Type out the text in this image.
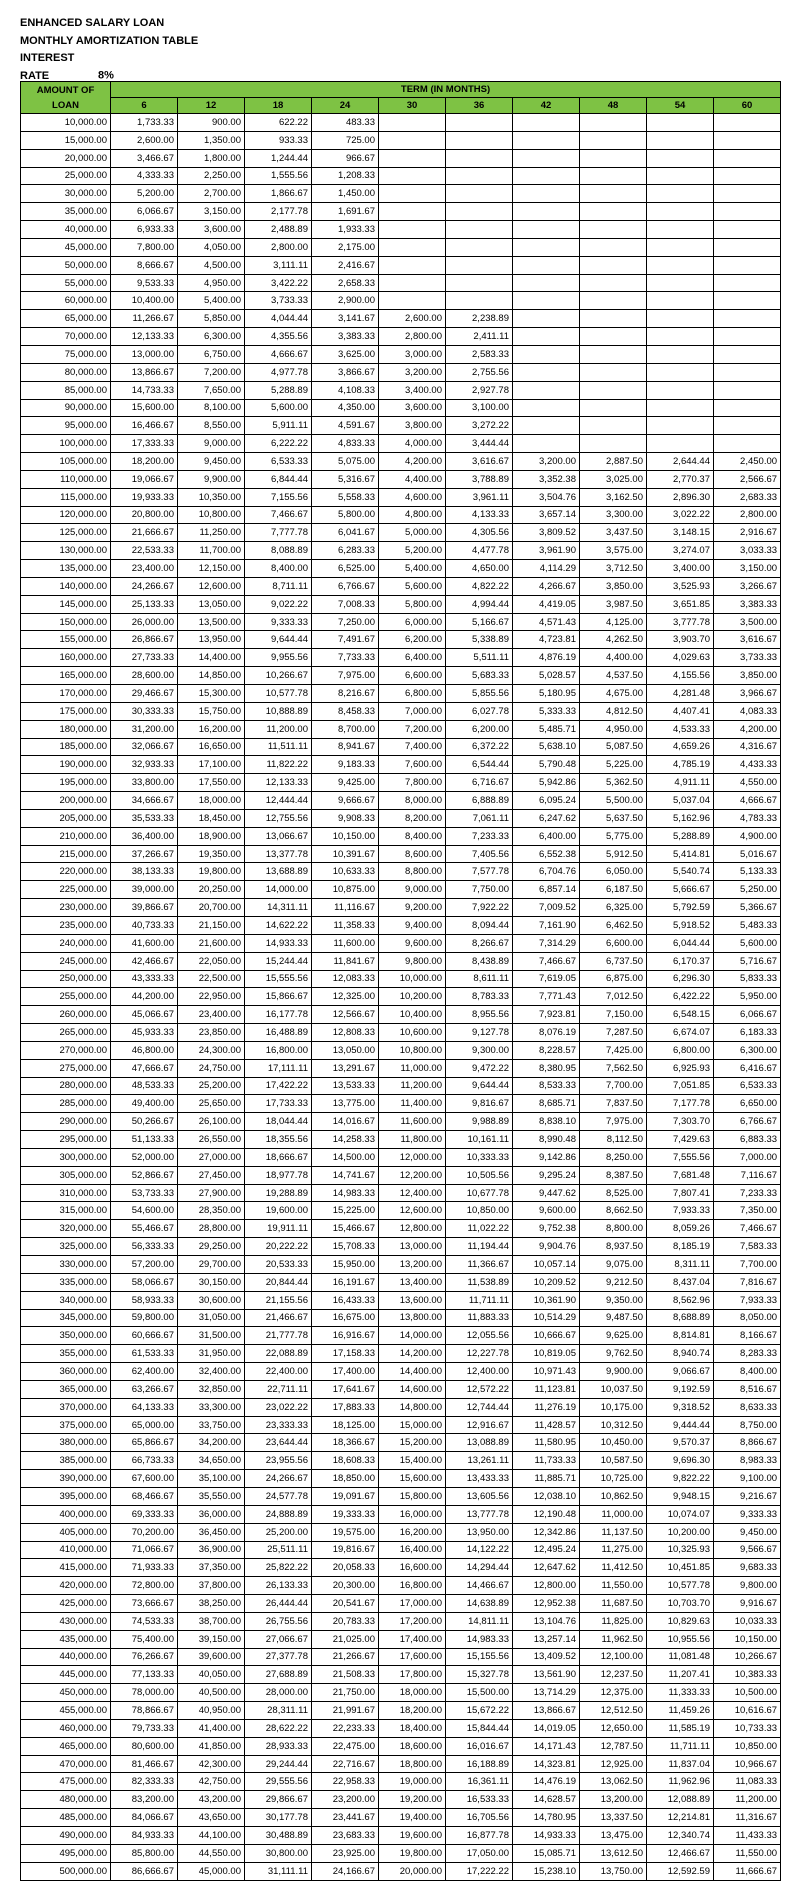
ENHANCED SALARY LOAN
MONTHLY AMORTIZATION TABLE
INTEREST RATE	8%
AMOUNT OF
LOAN	TERM (IN MONTHS)									
	6	12	18	24	30	36	42	48	54	60
10,000.00	1,733.33	900.00	622.22	483.33						
15,000.00	2,600.00	1,350.00	933.33	725.00						
20,000.00	3,466.67	1,800.00	1,244.44	966.67						
25,000.00	4,333.33	2,250.00	1,555.56	1,208.33						
30,000.00	5,200.00	2,700.00	1,866.67	1,450.00						
35,000.00	6,066.67	3,150.00	2,177.78	1,691.67						
40,000.00	6,933.33	3,600.00	2,488.89	1,933.33						
45,000.00	7,800.00	4,050.00	2,800.00	2,175.00						
50,000.00	8,666.67	4,500.00	3,111.11	2,416.67						
55,000.00	9,533.33	4,950.00	3,422.22	2,658.33						
60,000.00	10,400.00	5,400.00	3,733.33	2,900.00						
65,000.00	11,266.67	5,850.00	4,044.44	3,141.67	2,600.00	2,238.89				
70,000.00	12,133.33	6,300.00	4,355.56	3,383.33	2,800.00	2,411.11				
75,000.00	13,000.00	6,750.00	4,666.67	3,625.00	3,000.00	2,583.33				
80,000.00	13,866.67	7,200.00	4,977.78	3,866.67	3,200.00	2,755.56				
85,000.00	14,733.33	7,650.00	5,288.89	4,108.33	3,400.00	2,927.78				
90,000.00	15,600.00	8,100.00	5,600.00	4,350.00	3,600.00	3,100.00				
95,000.00	16,466.67	8,550.00	5,911.11	4,591.67	3,800.00	3,272.22				
100,000.00	17,333.33	9,000.00	6,222.22	4,833.33	4,000.00	3,444.44				
105,000.00	18,200.00	9,450.00	6,533.33	5,075.00	4,200.00	3,616.67	3,200.00	2,887.50	2,644.44	2,450.00
110,000.00	19,066.67	9,900.00	6,844.44	5,316.67	4,400.00	3,788.89	3,352.38	3,025.00	2,770.37	2,566.67
115,000.00	19,933.33	10,350.00	7,155.56	5,558.33	4,600.00	3,961.11	3,504.76	3,162.50	2,896.30	2,683.33
120,000.00	20,800.00	10,800.00	7,466.67	5,800.00	4,800.00	4,133.33	3,657.14	3,300.00	3,022.22	2,800.00
125,000.00	21,666.67	11,250.00	7,777.78	6,041.67	5,000.00	4,305.56	3,809.52	3,437.50	3,148.15	2,916.67
130,000.00	22,533.33	11,700.00	8,088.89	6,283.33	5,200.00	4,477.78	3,961.90	3,575.00	3,274.07	3,033.33
135,000.00	23,400.00	12,150.00	8,400.00	6,525.00	5,400.00	4,650.00	4,114.29	3,712.50	3,400.00	3,150.00
140,000.00	24,266.67	12,600.00	8,711.11	6,766.67	5,600.00	4,822.22	4,266.67	3,850.00	3,525.93	3,266.67
145,000.00	25,133.33	13,050.00	9,022.22	7,008.33	5,800.00	4,994.44	4,419.05	3,987.50	3,651.85	3,383.33
150,000.00	26,000.00	13,500.00	9,333.33	7,250.00	6,000.00	5,166.67	4,571.43	4,125.00	3,777.78	3,500.00
155,000.00	26,866.67	13,950.00	9,644.44	7,491.67	6,200.00	5,338.89	4,723.81	4,262.50	3,903.70	3,616.67
160,000.00	27,733.33	14,400.00	9,955.56	7,733.33	6,400.00	5,511.11	4,876.19	4,400.00	4,029.63	3,733.33
165,000.00	28,600.00	14,850.00	10,266.67	7,975.00	6,600.00	5,683.33	5,028.57	4,537.50	4,155.56	3,850.00
170,000.00	29,466.67	15,300.00	10,577.78	8,216.67	6,800.00	5,855.56	5,180.95	4,675.00	4,281.48	3,966.67
175,000.00	30,333.33	15,750.00	10,888.89	8,458.33	7,000.00	6,027.78	5,333.33	4,812.50	4,407.41	4,083.33
180,000.00	31,200.00	16,200.00	11,200.00	8,700.00	7,200.00	6,200.00	5,485.71	4,950.00	4,533.33	4,200.00
185,000.00	32,066.67	16,650.00	11,511.11	8,941.67	7,400.00	6,372.22	5,638.10	5,087.50	4,659.26	4,316.67
190,000.00	32,933.33	17,100.00	11,822.22	9,183.33	7,600.00	6,544.44	5,790.48	5,225.00	4,785.19	4,433.33
195,000.00	33,800.00	17,550.00	12,133.33	9,425.00	7,800.00	6,716.67	5,942.86	5,362.50	4,911.11	4,550.00
200,000.00	34,666.67	18,000.00	12,444.44	9,666.67	8,000.00	6,888.89	6,095.24	5,500.00	5,037.04	4,666.67
205,000.00	35,533.33	18,450.00	12,755.56	9,908.33	8,200.00	7,061.11	6,247.62	5,637.50	5,162.96	4,783.33
210,000.00	36,400.00	18,900.00	13,066.67	10,150.00	8,400.00	7,233.33	6,400.00	5,775.00	5,288.89	4,900.00
215,000.00	37,266.67	19,350.00	13,377.78	10,391.67	8,600.00	7,405.56	6,552.38	5,912.50	5,414.81	5,016.67
220,000.00	38,133.33	19,800.00	13,688.89	10,633.33	8,800.00	7,577.78	6,704.76	6,050.00	5,540.74	5,133.33
225,000.00	39,000.00	20,250.00	14,000.00	10,875.00	9,000.00	7,750.00	6,857.14	6,187.50	5,666.67	5,250.00
230,000.00	39,866.67	20,700.00	14,311.11	11,116.67	9,200.00	7,922.22	7,009.52	6,325.00	5,792.59	5,366.67
235,000.00	40,733.33	21,150.00	14,622.22	11,358.33	9,400.00	8,094.44	7,161.90	6,462.50	5,918.52	5,483.33
240,000.00	41,600.00	21,600.00	14,933.33	11,600.00	9,600.00	8,266.67	7,314.29	6,600.00	6,044.44	5,600.00
245,000.00	42,466.67	22,050.00	15,244.44	11,841.67	9,800.00	8,438.89	7,466.67	6,737.50	6,170.37	5,716.67
250,000.00	43,333.33	22,500.00	15,555.56	12,083.33	10,000.00	8,611.11	7,619.05	6,875.00	6,296.30	5,833.33
255,000.00	44,200.00	22,950.00	15,866.67	12,325.00	10,200.00	8,783.33	7,771.43	7,012.50	6,422.22	5,950.00
260,000.00	45,066.67	23,400.00	16,177.78	12,566.67	10,400.00	8,955.56	7,923.81	7,150.00	6,548.15	6,066.67
265,000.00	45,933.33	23,850.00	16,488.89	12,808.33	10,600.00	9,127.78	8,076.19	7,287.50	6,674.07	6,183.33
270,000.00	46,800.00	24,300.00	16,800.00	13,050.00	10,800.00	9,300.00	8,228.57	7,425.00	6,800.00	6,300.00
275,000.00	47,666.67	24,750.00	17,111.11	13,291.67	11,000.00	9,472.22	8,380.95	7,562.50	6,925.93	6,416.67
280,000.00	48,533.33	25,200.00	17,422.22	13,533.33	11,200.00	9,644.44	8,533.33	7,700.00	7,051.85	6,533.33
285,000.00	49,400.00	25,650.00	17,733.33	13,775.00	11,400.00	9,816.67	8,685.71	7,837.50	7,177.78	6,650.00
290,000.00	50,266.67	26,100.00	18,044.44	14,016.67	11,600.00	9,988.89	8,838.10	7,975.00	7,303.70	6,766.67
295,000.00	51,133.33	26,550.00	18,355.56	14,258.33	11,800.00	10,161.11	8,990.48	8,112.50	7,429.63	6,883.33
300,000.00	52,000.00	27,000.00	18,666.67	14,500.00	12,000.00	10,333.33	9,142.86	8,250.00	7,555.56	7,000.00
305,000.00	52,866.67	27,450.00	18,977.78	14,741.67	12,200.00	10,505.56	9,295.24	8,387.50	7,681.48	7,116.67
310,000.00	53,733.33	27,900.00	19,288.89	14,983.33	12,400.00	10,677.78	9,447.62	8,525.00	7,807.41	7,233.33
315,000.00	54,600.00	28,350.00	19,600.00	15,225.00	12,600.00	10,850.00	9,600.00	8,662.50	7,933.33	7,350.00
320,000.00	55,466.67	28,800.00	19,911.11	15,466.67	12,800.00	11,022.22	9,752.38	8,800.00	8,059.26	7,466.67
325,000.00	56,333.33	29,250.00	20,222.22	15,708.33	13,000.00	11,194.44	9,904.76	8,937.50	8,185.19	7,583.33
330,000.00	57,200.00	29,700.00	20,533.33	15,950.00	13,200.00	11,366.67	10,057.14	9,075.00	8,311.11	7,700.00
335,000.00	58,066.67	30,150.00	20,844.44	16,191.67	13,400.00	11,538.89	10,209.52	9,212.50	8,437.04	7,816.67
340,000.00	58,933.33	30,600.00	21,155.56	16,433.33	13,600.00	11,711.11	10,361.90	9,350.00	8,562.96	7,933.33
345,000.00	59,800.00	31,050.00	21,466.67	16,675.00	13,800.00	11,883.33	10,514.29	9,487.50	8,688.89	8,050.00
350,000.00	60,666.67	31,500.00	21,777.78	16,916.67	14,000.00	12,055.56	10,666.67	9,625.00	8,814.81	8,166.67
355,000.00	61,533.33	31,950.00	22,088.89	17,158.33	14,200.00	12,227.78	10,819.05	9,762.50	8,940.74	8,283.33
360,000.00	62,400.00	32,400.00	22,400.00	17,400.00	14,400.00	12,400.00	10,971.43	9,900.00	9,066.67	8,400.00
365,000.00	63,266.67	32,850.00	22,711.11	17,641.67	14,600.00	12,572.22	11,123.81	10,037.50	9,192.59	8,516.67
370,000.00	64,133.33	33,300.00	23,022.22	17,883.33	14,800.00	12,744.44	11,276.19	10,175.00	9,318.52	8,633.33
375,000.00	65,000.00	33,750.00	23,333.33	18,125.00	15,000.00	12,916.67	11,428.57	10,312.50	9,444.44	8,750.00
380,000.00	65,866.67	34,200.00	23,644.44	18,366.67	15,200.00	13,088.89	11,580.95	10,450.00	9,570.37	8,866.67
385,000.00	66,733.33	34,650.00	23,955.56	18,608.33	15,400.00	13,261.11	11,733.33	10,587.50	9,696.30	8,983.33
390,000.00	67,600.00	35,100.00	24,266.67	18,850.00	15,600.00	13,433.33	11,885.71	10,725.00	9,822.22	9,100.00
395,000.00	68,466.67	35,550.00	24,577.78	19,091.67	15,800.00	13,605.56	12,038.10	10,862.50	9,948.15	9,216.67
400,000.00	69,333.33	36,000.00	24,888.89	19,333.33	16,000.00	13,777.78	12,190.48	11,000.00	10,074.07	9,333.33
405,000.00	70,200.00	36,450.00	25,200.00	19,575.00	16,200.00	13,950.00	12,342.86	11,137.50	10,200.00	9,450.00
410,000.00	71,066.67	36,900.00	25,511.11	19,816.67	16,400.00	14,122.22	12,495.24	11,275.00	10,325.93	9,566.67
415,000.00	71,933.33	37,350.00	25,822.22	20,058.33	16,600.00	14,294.44	12,647.62	11,412.50	10,451.85	9,683.33
420,000.00	72,800.00	37,800.00	26,133.33	20,300.00	16,800.00	14,466.67	12,800.00	11,550.00	10,577.78	9,800.00
425,000.00	73,666.67	38,250.00	26,444.44	20,541.67	17,000.00	14,638.89	12,952.38	11,687.50	10,703.70	9,916.67
430,000.00	74,533.33	38,700.00	26,755.56	20,783.33	17,200.00	14,811.11	13,104.76	11,825.00	10,829.63	10,033.33
435,000.00	75,400.00	39,150.00	27,066.67	21,025.00	17,400.00	14,983.33	13,257.14	11,962.50	10,955.56	10,150.00
440,000.00	76,266.67	39,600.00	27,377.78	21,266.67	17,600.00	15,155.56	13,409.52	12,100.00	11,081.48	10,266.67
445,000.00	77,133.33	40,050.00	27,688.89	21,508.33	17,800.00	15,327.78	13,561.90	12,237.50	11,207.41	10,383.33
450,000.00	78,000.00	40,500.00	28,000.00	21,750.00	18,000.00	15,500.00	13,714.29	12,375.00	11,333.33	10,500.00
455,000.00	78,866.67	40,950.00	28,311.11	21,991.67	18,200.00	15,672.22	13,866.67	12,512.50	11,459.26	10,616.67
460,000.00	79,733.33	41,400.00	28,622.22	22,233.33	18,400.00	15,844.44	14,019.05	12,650.00	11,585.19	10,733.33
465,000.00	80,600.00	41,850.00	28,933.33	22,475.00	18,600.00	16,016.67	14,171.43	12,787.50	11,711.11	10,850.00
470,000.00	81,466.67	42,300.00	29,244.44	22,716.67	18,800.00	16,188.89	14,323.81	12,925.00	11,837.04	10,966.67
475,000.00	82,333.33	42,750.00	29,555.56	22,958.33	19,000.00	16,361.11	14,476.19	13,062.50	11,962.96	11,083.33
480,000.00	83,200.00	43,200.00	29,866.67	23,200.00	19,200.00	16,533.33	14,628.57	13,200.00	12,088.89	11,200.00
485,000.00	84,066.67	43,650.00	30,177.78	23,441.67	19,400.00	16,705.56	14,780.95	13,337.50	12,214.81	11,316.67
490,000.00	84,933.33	44,100.00	30,488.89	23,683.33	19,600.00	16,877.78	14,933.33	13,475.00	12,340.74	11,433.33
495,000.00	85,800.00	44,550.00	30,800.00	23,925.00	19,800.00	17,050.00	15,085.71	13,612.50	12,466.67	11,550.00
500,000.00	86,666.67	45,000.00	31,111.11	24,166.67	20,000.00	17,222.22	15,238.10	13,750.00	12,592.59	11,666.67
